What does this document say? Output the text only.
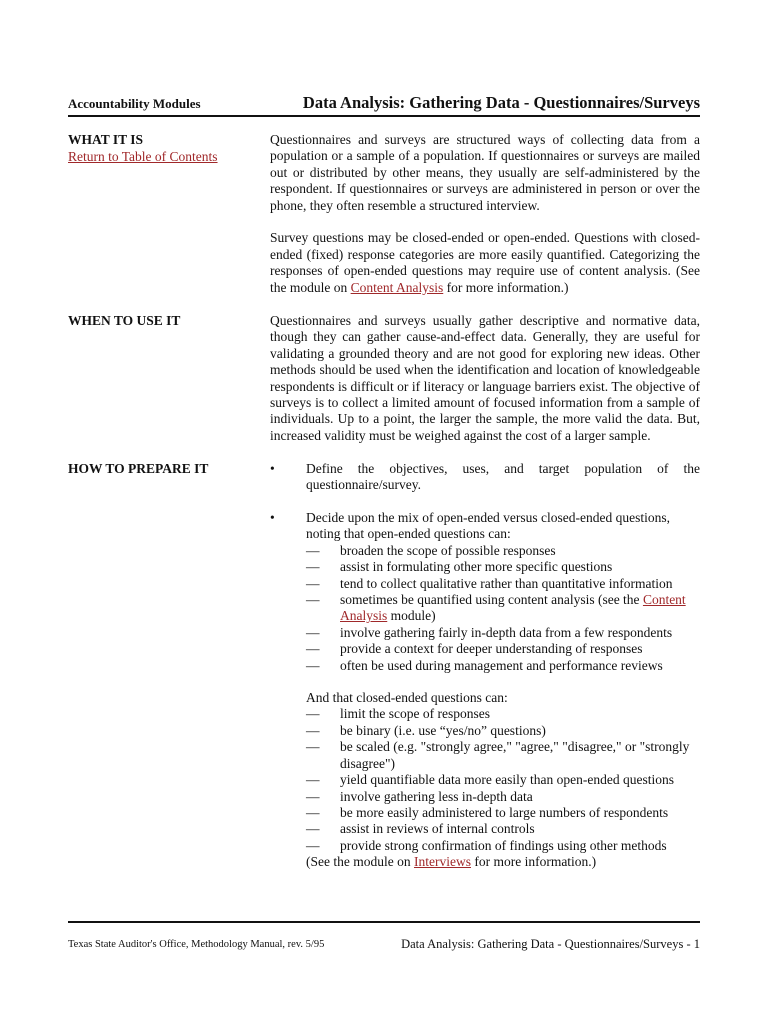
Accountability Modules	Data Analysis: Gathering Data - Questionnaires/Surveys
WHAT IT IS
Return to Table of Contents

Questionnaires and surveys are structured ways of collecting data from a population or a sample of a population. If questionnaires or surveys are mailed out or distributed by other means, they usually are self-administered by the respondent. If questionnaires or surveys are administered in person or over the phone, they often resemble a structured interview.

Survey questions may be closed-ended or open-ended. Questions with closed-ended (fixed) response categories are more easily quantified. Categorizing the responses of open-ended questions may require use of content analysis. (See the module on Content Analysis for more information.)

WHEN TO USE IT	Questionnaires and surveys usually gather descriptive and normative data, though they can gather cause-and-effect data. Generally, they are useful for validating a grounded theory and are not good for exploring new ideas. Other methods should be used when the identification and location of knowledgeable respondents is difficult or if literacy or language barriers exist. The objective of surveys is to collect a limited amount of focused information from a sample of individuals. Up to a point, the larger the sample, the more valid the data. But, increased validity must be weighed against the cost of a larger sample.

HOW TO PREPARE IT	• Define the objectives, uses, and target population of the
questionnaire/survey.
• Decide upon the mix of open-ended versus closed-ended questions, noting that open-ended questions can:
— broaden the scope of possible responses
— assist in formulating other more specific questions
— tend to collect qualitative rather than quantitative information
— sometimes be quantified using content analysis (see the Content Analysis module)
— involve gathering fairly in-depth data from a few respondents
— provide a context for deeper understanding of responses
— often be used during management and performance reviews
And that closed-ended questions can:
— limit the scope of responses
— be binary (i.e. use “yes/no” questions)
— be scaled (e.g. "strongly agree," "agree," "disagree," or "strongly disagree")
— yield quantifiable data more easily than open-ended questions
— involve gathering less in-depth data
— be more easily administered to large numbers of respondents
— assist in reviews of internal controls
— provide strong confirmation of findings using other methods
(See the module on Interviews for more information.)
Texas State Auditor's Office, Methodology Manual, rev. 5/95	Data Analysis: Gathering Data - Questionnaires/Surveys - 1
